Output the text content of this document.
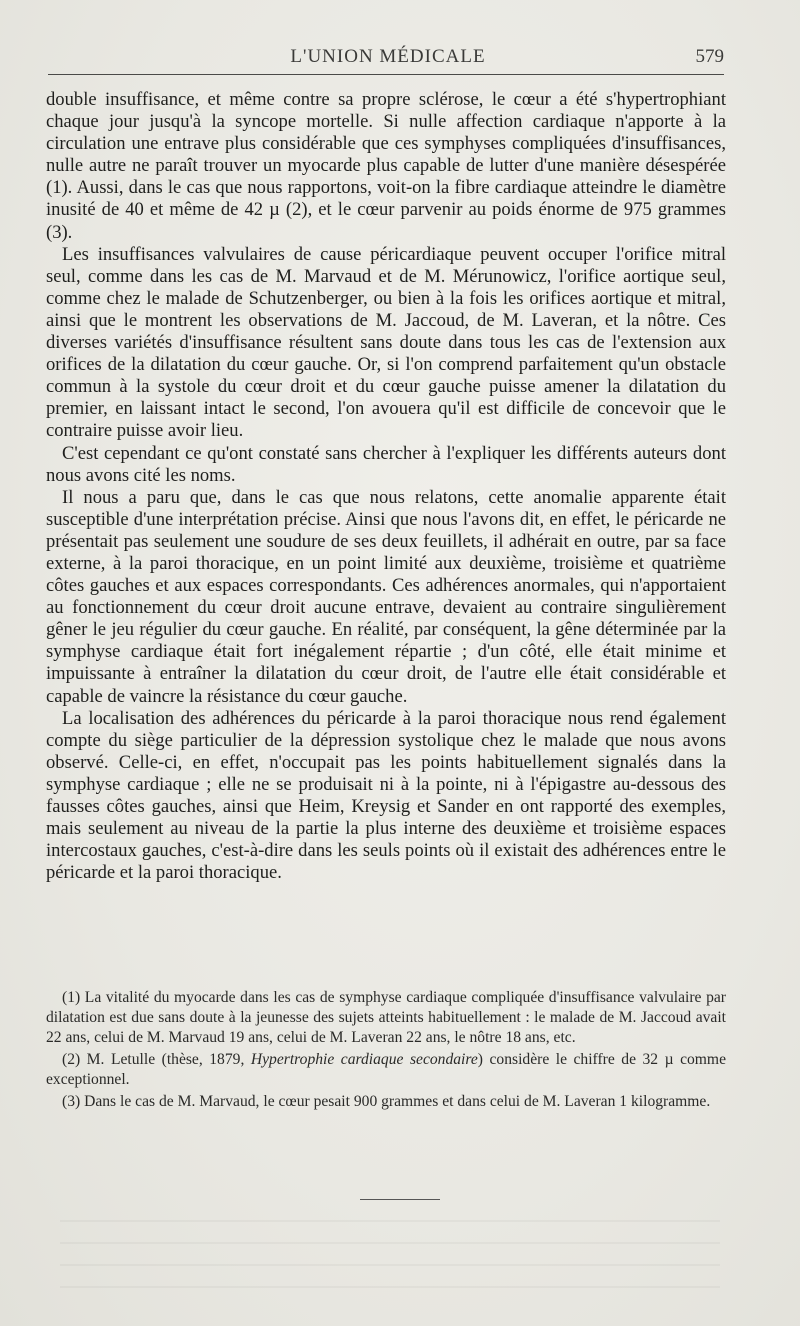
L'UNION MÉDICALE	579

double insuffisance, et même contre sa propre sclérose, le cœur a été s'hypertrophiant chaque jour jusqu'à la syncope mortelle. Si nulle affection cardiaque n'apporte à la circulation une entrave plus considérable que ces symphyses compliquées d'insuffisances, nulle autre ne paraît trouver un myocarde plus capable de lutter d'une manière désespérée (1). Aussi, dans le cas que nous rapportons, voit-on la fibre cardiaque atteindre le diamètre inusité de 40 et même de 42 µ (2), et le cœur parvenir au poids énorme de 975 grammes (3).

Les insuffisances valvulaires de cause péricardiaque peuvent occuper l'orifice mitral seul, comme dans les cas de M. Marvaud et de M. Mérunowicz, l'orifice aortique seul, comme chez le malade de Schutzenberger, ou bien à la fois les orifices aortique et mitral, ainsi que le montrent les observations de M. Jaccoud, de M. Laveran, et la nôtre. Ces diverses variétés d'insuffisance résultent sans doute dans tous les cas de l'extension aux orifices de la dilatation du cœur gauche. Or, si l'on comprend parfaitement qu'un obstacle commun à la systole du cœur droit et du cœur gauche puisse amener la dilatation du premier, en laissant intact le second, l'on avouera qu'il est difficile de concevoir que le contraire puisse avoir lieu.

C'est cependant ce qu'ont constaté sans chercher à l'expliquer les différents auteurs dont nous avons cité les noms.

Il nous a paru que, dans le cas que nous relatons, cette anomalie apparente était susceptible d'une interprétation précise. Ainsi que nous l'avons dit, en effet, le péricarde ne présentait pas seulement une soudure de ses deux feuillets, il adhérait en outre, par sa face externe, à la paroi thoracique, en un point limité aux deuxième, troisième et quatrième côtes gauches et aux espaces correspondants. Ces adhérences anormales, qui n'apportaient au fonctionnement du cœur droit aucune entrave, devaient au contraire singulièrement gêner le jeu régulier du cœur gauche. En réalité, par conséquent, la gêne déterminée par la symphyse cardiaque était fort inégalement répartie ; d'un côté, elle était minime et impuissante à entraîner la dilatation du cœur droit, de l'autre elle était considérable et capable de vaincre la résistance du cœur gauche.

La localisation des adhérences du péricarde à la paroi thoracique nous rend également compte du siège particulier de la dépression systolique chez le malade que nous avons observé. Celle-ci, en effet, n'occupait pas les points habituellement signalés dans la symphyse cardiaque ; elle ne se produisait ni à la pointe, ni à l'épigastre au-dessous des fausses côtes gauches, ainsi que Heim, Kreysig et Sander en ont rapporté des exemples, mais seulement au niveau de la partie la plus interne des deuxième et troisième espaces intercostaux gauches, c'est-à-dire dans les seuls points où il existait des adhérences entre le péricarde et la paroi thoracique.

(1) La vitalité du myocarde dans les cas de symphyse cardiaque compliquée d'insuffisance valvulaire par dilatation est due sans doute à la jeunesse des sujets atteints habituellement : le malade de M. Jaccoud avait 22 ans, celui de M. Marvaud 19 ans, celui de M. Laveran 22 ans, le nôtre 18 ans, etc.

(2) M. Letulle (thèse, 1879, Hypertrophie cardiaque secondaire) considère le chiffre de 32 µ comme exceptionnel.

(3) Dans le cas de M. Marvaud, le cœur pesait 900 grammes et dans celui de M. Laveran 1 kilogramme.
